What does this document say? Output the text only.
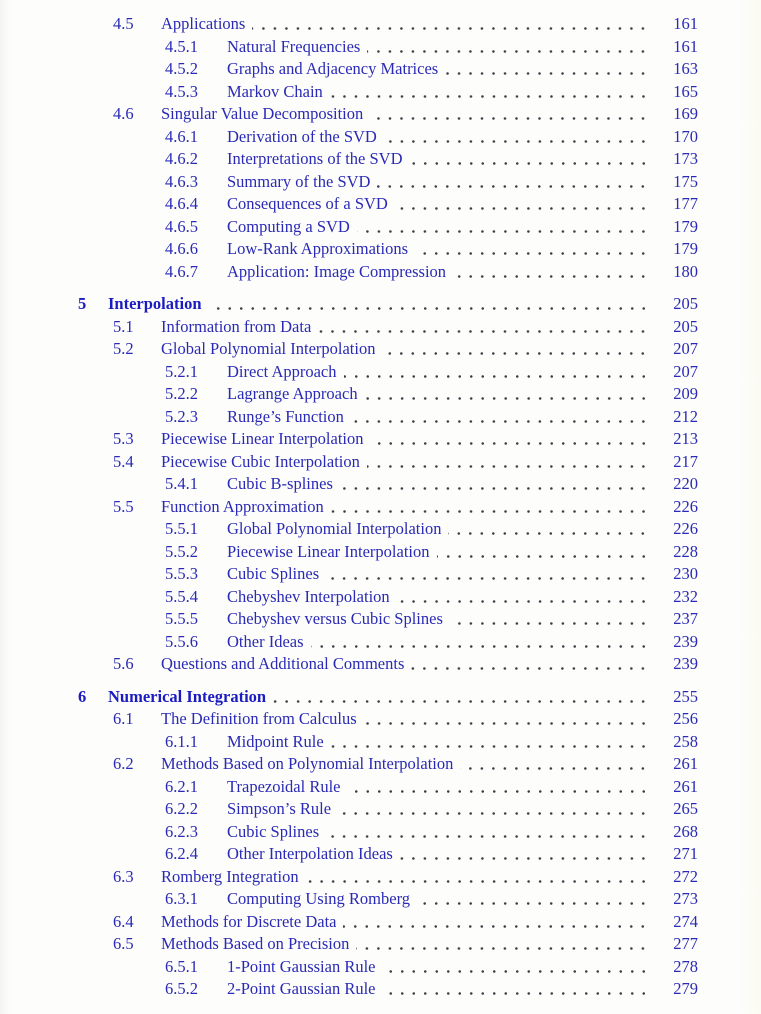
4.5	Applications	161
4.5.1	Natural Frequencies	161
4.5.2	Graphs and Adjacency Matrices	163
4.5.3	Markov Chain	165
4.6	Singular Value Decomposition	169
4.6.1	Derivation of the SVD	170
4.6.2	Interpretations of the SVD	173
4.6.3	Summary of the SVD	175
4.6.4	Consequences of a SVD	177
4.6.5	Computing a SVD	179
4.6.6	Low-Rank Approximations	179
4.6.7	Application: Image Compression	180
5	Interpolation	205
5.1	Information from Data	205
5.2	Global Polynomial Interpolation	207
5.2.1	Direct Approach	207
5.2.2	Lagrange Approach	209
5.2.3	Runge’s Function	212
5.3	Piecewise Linear Interpolation	213
5.4	Piecewise Cubic Interpolation	217
5.4.1	Cubic B-splines	220
5.5	Function Approximation	226
5.5.1	Global Polynomial Interpolation	226
5.5.2	Piecewise Linear Interpolation	228
5.5.3	Cubic Splines	230
5.5.4	Chebyshev Interpolation	232
5.5.5	Chebyshev versus Cubic Splines	237
5.5.6	Other Ideas	239
5.6	Questions and Additional Comments	239
6	Numerical Integration	255
6.1	The Definition from Calculus	256
6.1.1	Midpoint Rule	258
6.2	Methods Based on Polynomial Interpolation	261
6.2.1	Trapezoidal Rule	261
6.2.2	Simpson’s Rule	265
6.2.3	Cubic Splines	268
6.2.4	Other Interpolation Ideas	271
6.3	Romberg Integration	272
6.3.1	Computing Using Romberg	273
6.4	Methods for Discrete Data	274
6.5	Methods Based on Precision	277
6.5.1	1-Point Gaussian Rule	278
6.5.2	2-Point Gaussian Rule	279
